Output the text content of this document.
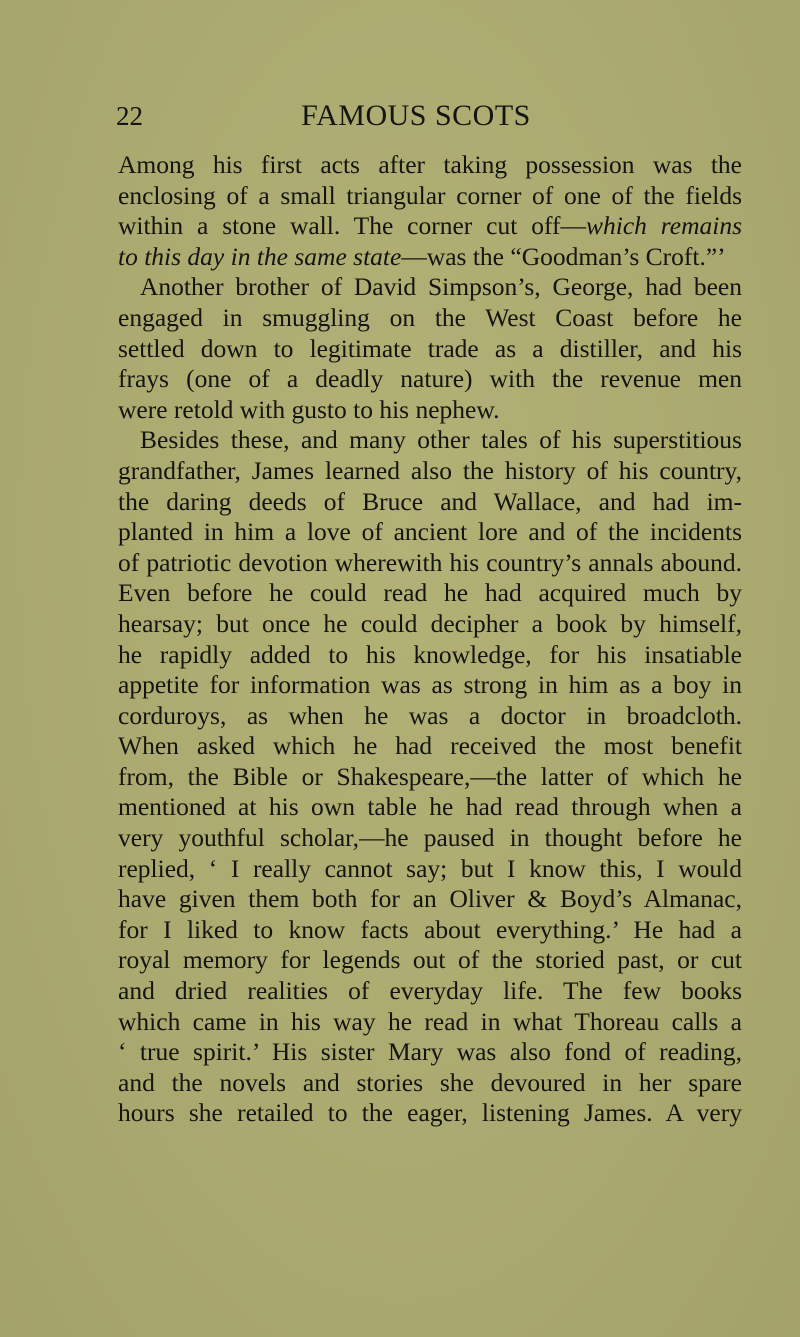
22	FAMOUS SCOTS
Among his first acts after taking possession was the
enclosing of a small triangular corner of one of the fields
within a stone wall. The corner cut off—which remains
to this day in the same state—was the “Goodman’s Croft.”’
Another brother of David Simpson’s, George, had been
engaged in smuggling on the West Coast before he
settled down to legitimate trade as a distiller, and his
frays (one of a deadly nature) with the revenue men
were retold with gusto to his nephew.
Besides these, and many other tales of his superstitious
grandfather, James learned also the history of his country,
the daring deeds of Bruce and Wallace, and had im-
planted in him a love of ancient lore and of the incidents
of patriotic devotion wherewith his country’s annals abound.
Even before he could read he had acquired much by
hearsay; but once he could decipher a book by himself,
he rapidly added to his knowledge, for his insatiable
appetite for information was as strong in him as a boy in
corduroys, as when he was a doctor in broadcloth.
When asked which he had received the most benefit
from, the Bible or Shakespeare,—the latter of which he
mentioned at his own table he had read through when a
very youthful scholar,—he paused in thought before he
replied, ‘ I really cannot say; but I know this, I would
have given them both for an Oliver & Boyd’s Almanac,
for I liked to know facts about everything.’ He had a
royal memory for legends out of the storied past, or cut
and dried realities of everyday life. The few books
which came in his way he read in what Thoreau calls a
‘ true spirit.’ His sister Mary was also fond of reading,
and the novels and stories she devoured in her spare
hours she retailed to the eager, listening James. A very
